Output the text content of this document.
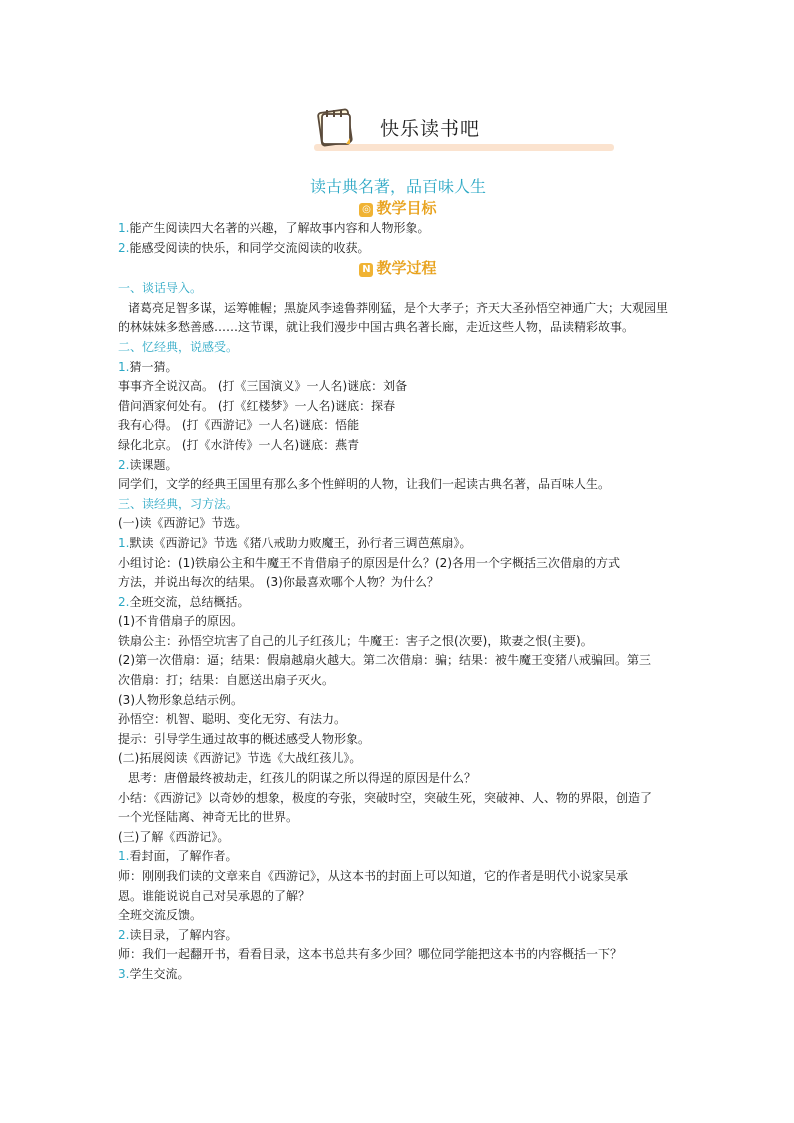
快乐读书吧

读古典名著，品百味人生

◎ 教学目标

1.能产生阅读四大名著的兴趣，了解故事内容和人物形象。

2.能感受阅读的快乐，和同学交流阅读的收获。

N 教学过程

一、谈话导入。

诸葛亮足智多谋，运筹帷幄；黑旋风李逵鲁莽刚猛，是个大孝子；齐天大圣孙悟空神通广大；大观园里的林妹妹多愁善感……这节课，就让我们漫步中国古典名著长廊，走近这些人物，品读精彩故事。

二、忆经典，说感受。

1.猜一猜。

事事齐全说汉高。 (打《三国演义》一人名)谜底：刘备

借问酒家何处有。 (打《红楼梦》一人名)谜底：探春

我有心得。 (打《西游记》一人名)谜底：悟能

绿化北京。 (打《水浒传》一人名)谜底：燕青

2.读课题。

同学们，文学的经典王国里有那么多个性鲜明的人物，让我们一起读古典名著，品百味人生。

三、读经典，习方法。

(一)读《西游记》节选。

1.默读《西游记》节选《猪八戒助力败魔王，孙行者三调芭蕉扇》。

小组讨论：(1)铁扇公主和牛魔王不肯借扇子的原因是什么？(2)各用一个字概括三次借扇的方式

方法，并说出每次的结果。 (3)你最喜欢哪个人物？为什么？

2.全班交流，总结概括。

(1)不肯借扇子的原因。

铁扇公主：孙悟空坑害了自己的儿子红孩儿；牛魔王：害子之恨(次要)，欺妻之恨(主要)。

(2)第一次借扇：逼；结果：假扇越扇火越大。第二次借扇：骗；结果：被牛魔王变猪八戒骗回。第三

次借扇：打；结果：自愿送出扇子灭火。

(3)人物形象总结示例。

孙悟空：机智、聪明、变化无穷、有法力。

提示：引导学生通过故事的概述感受人物形象。

(二)拓展阅读《西游记》节选《大战红孩儿》。

思考：唐僧最终被劫走，红孩儿的阴谋之所以得逞的原因是什么？

小结：《西游记》以奇妙的想象，极度的夸张，突破时空，突破生死，突破神、人、物的界限，创造了

一个光怪陆离、神奇无比的世界。

(三)了解《西游记》。

1.看封面，了解作者。

师：刚刚我们读的文章来自《西游记》，从这本书的封面上可以知道，它的作者是明代小说家吴承

恩。谁能说说自己对吴承恩的了解？

全班交流反馈。

2.读目录，了解内容。

师：我们一起翻开书，看看目录，这本书总共有多少回？哪位同学能把这本书的内容概括一下？

3.学生交流。
